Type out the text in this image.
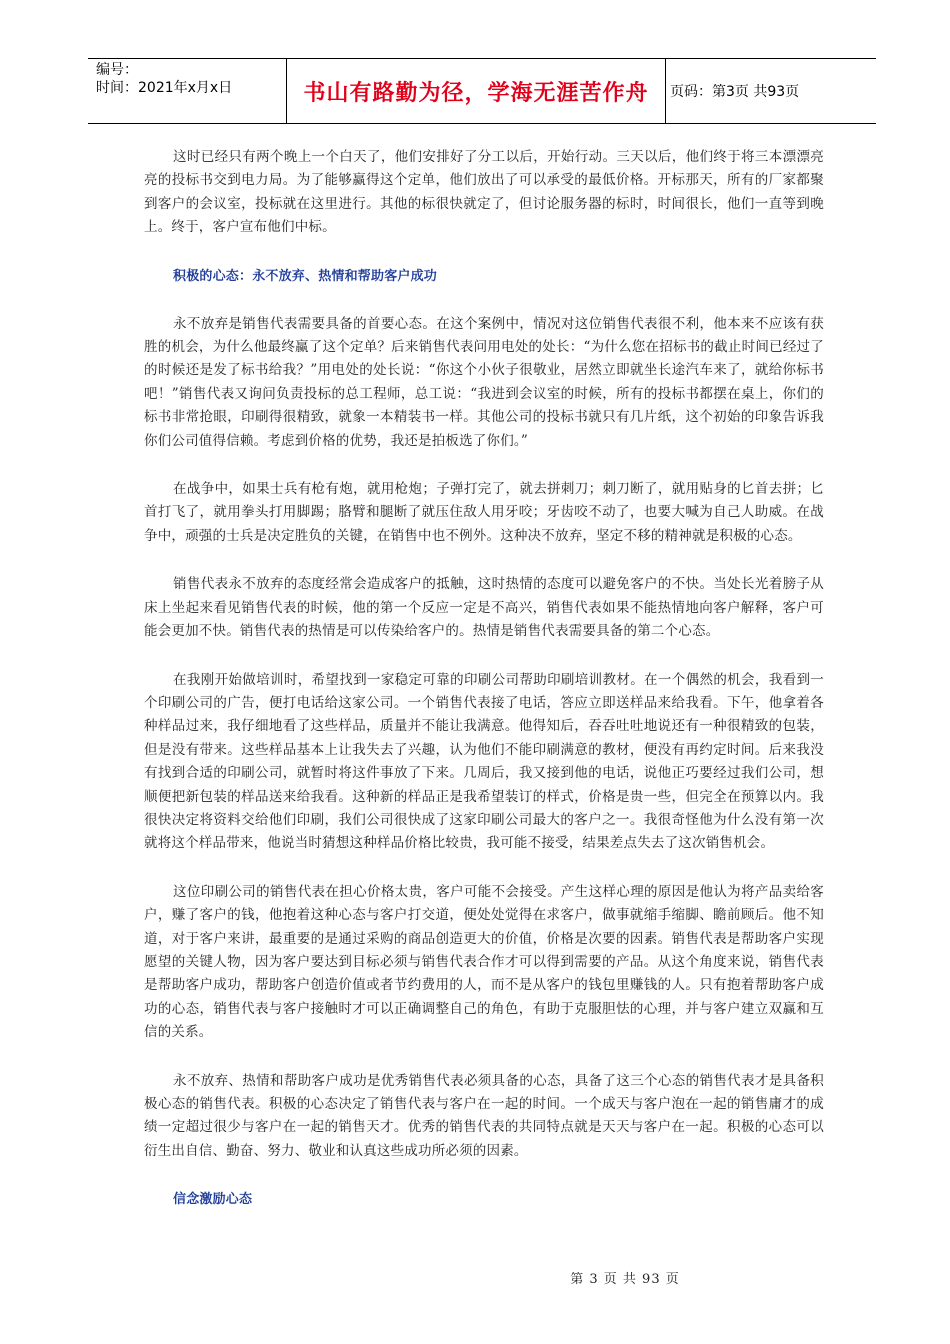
编号：
时间：2021年x月x日	书山有路勤为径，学海无涯苦作舟	页码：第3页 共93页

这时已经只有两个晚上一个白天了，他们安排好了分工以后，开始行动。三天以后，他们终于将三本漂漂亮亮的投标书交到电力局。为了能够赢得这个定单，他们放出了可以承受的最低价格。开标那天，所有的厂家都聚到客户的会议室，投标就在这里进行。其他的标很快就定了，但讨论服务器的标时，时间很长，他们一直等到晚上。终于，客户宣布他们中标。

积极的心态：永不放弃、热情和帮助客户成功

永不放弃是销售代表需要具备的首要心态。在这个案例中，情况对这位销售代表很不利，他本来不应该有获胜的机会，为什么他最终赢了这个定单？后来销售代表问用电处的处长：“为什么您在招标书的截止时间已经过了的时候还是发了标书给我？”用电处的处长说：“你这个小伙子很敬业，居然立即就坐长途汽车来了，就给你标书吧！”销售代表又询问负责投标的总工程师，总工说：“我进到会议室的时候，所有的投标书都摆在桌上，你们的标书非常抢眼，印刷得很精致，就象一本精装书一样。其他公司的投标书就只有几片纸，这个初始的印象告诉我你们公司值得信赖。考虑到价格的优势，我还是拍板选了你们。”

在战争中，如果士兵有枪有炮，就用枪炮；子弹打完了，就去拼刺刀；刺刀断了，就用贴身的匕首去拼；匕首打飞了，就用拳头打用脚踢；胳臂和腿断了就压住敌人用牙咬；牙齿咬不动了，也要大喊为自己人助威。在战争中，顽强的士兵是决定胜负的关键，在销售中也不例外。这种决不放弃，坚定不移的精神就是积极的心态。

销售代表永不放弃的态度经常会造成客户的抵触，这时热情的态度可以避免客户的不快。当处长光着膀子从床上坐起来看见销售代表的时候，他的第一个反应一定是不高兴，销售代表如果不能热情地向客户解释，客户可能会更加不快。销售代表的热情是可以传染给客户的。热情是销售代表需要具备的第二个心态。

在我刚开始做培训时，希望找到一家稳定可靠的印刷公司帮助印刷培训教材。在一个偶然的机会，我看到一个印刷公司的广告，便打电话给这家公司。一个销售代表接了电话，答应立即送样品来给我看。下午，他拿着各种样品过来，我仔细地看了这些样品，质量并不能让我满意。他得知后，吞吞吐吐地说还有一种很精致的包装，但是没有带来。这些样品基本上让我失去了兴趣，认为他们不能印刷满意的教材，便没有再约定时间。后来我没有找到合适的印刷公司，就暂时将这件事放了下来。几周后，我又接到他的电话，说他正巧要经过我们公司，想顺便把新包装的样品送来给我看。这种新的样品正是我希望装订的样式，价格是贵一些，但完全在预算以内。我很快决定将资料交给他们印刷，我们公司很快成了这家印刷公司最大的客户之一。我很奇怪他为什么没有第一次就将这个样品带来，他说当时猜想这种样品价格比较贵，我可能不接受，结果差点失去了这次销售机会。

这位印刷公司的销售代表在担心价格太贵，客户可能不会接受。产生这样心理的原因是他认为将产品卖给客户，赚了客户的钱，他抱着这种心态与客户打交道，便处处觉得在求客户，做事就缩手缩脚、瞻前顾后。他不知道，对于客户来讲，最重要的是通过采购的商品创造更大的价值，价格是次要的因素。销售代表是帮助客户实现愿望的关键人物，因为客户要达到目标必须与销售代表合作才可以得到需要的产品。从这个角度来说，销售代表是帮助客户成功，帮助客户创造价值或者节约费用的人，而不是从客户的钱包里赚钱的人。只有抱着帮助客户成功的心态，销售代表与客户接触时才可以正确调整自己的角色，有助于克服胆怯的心理，并与客户建立双赢和互信的关系。

永不放弃、热情和帮助客户成功是优秀销售代表必须具备的心态，具备了这三个心态的销售代表才是具备积极心态的销售代表。积极的心态决定了销售代表与客户在一起的时间。一个成天与客户泡在一起的销售庸才的成绩一定超过很少与客户在一起的销售天才。优秀的销售代表的共同特点就是天天与客户在一起。积极的心态可以衍生出自信、勤奋、努力、敬业和认真这些成功所必须的因素。

信念激励心态
第 3 页 共 93 页
